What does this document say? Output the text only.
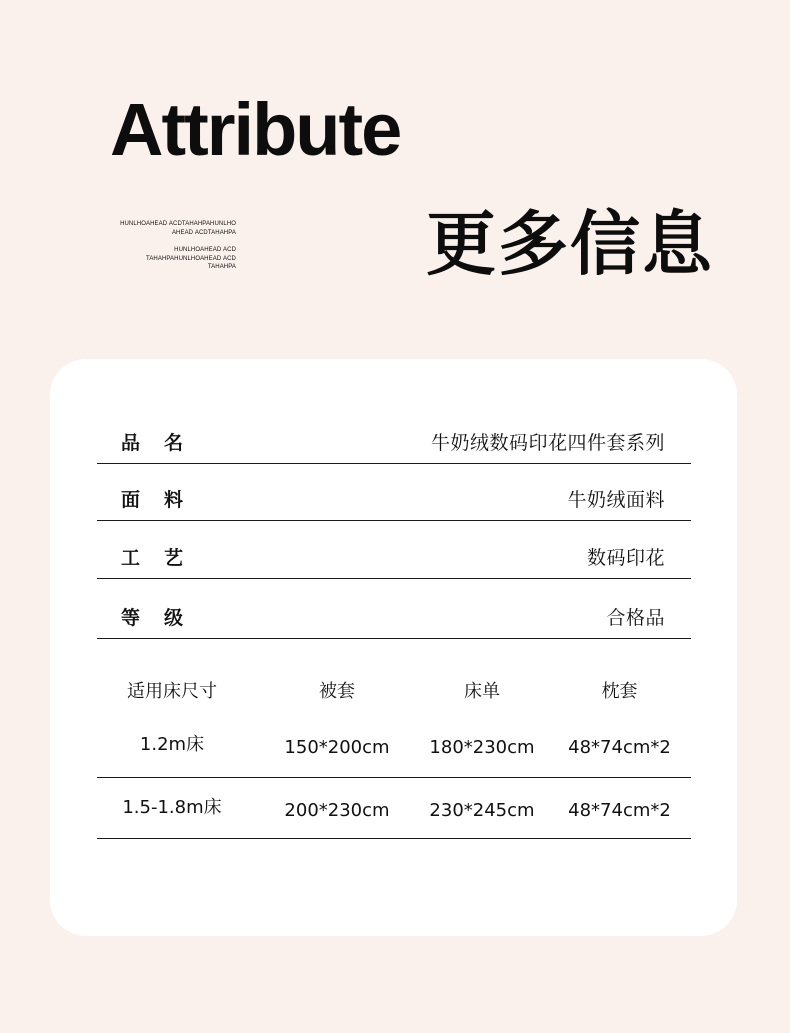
Attribute
HUNLHOAHEAD ACDTAHAHPAHUNLHO
AHEAD ACDTAHAHPA
HUNLHOAHEAD ACD
TAHAHPAHUNLHOAHEAD ACD
TAHAHPA	更多信息
品名	牛奶绒数码印花四件套系列
面料	牛奶绒面料
工艺	数码印花
等级	合格品
适用床尺寸	被套	床单	枕套
1.2m床	150*200cm	180*230cm	48*74cm*2
1.5-1.8m床	200*230cm	230*245cm	48*74cm*2
